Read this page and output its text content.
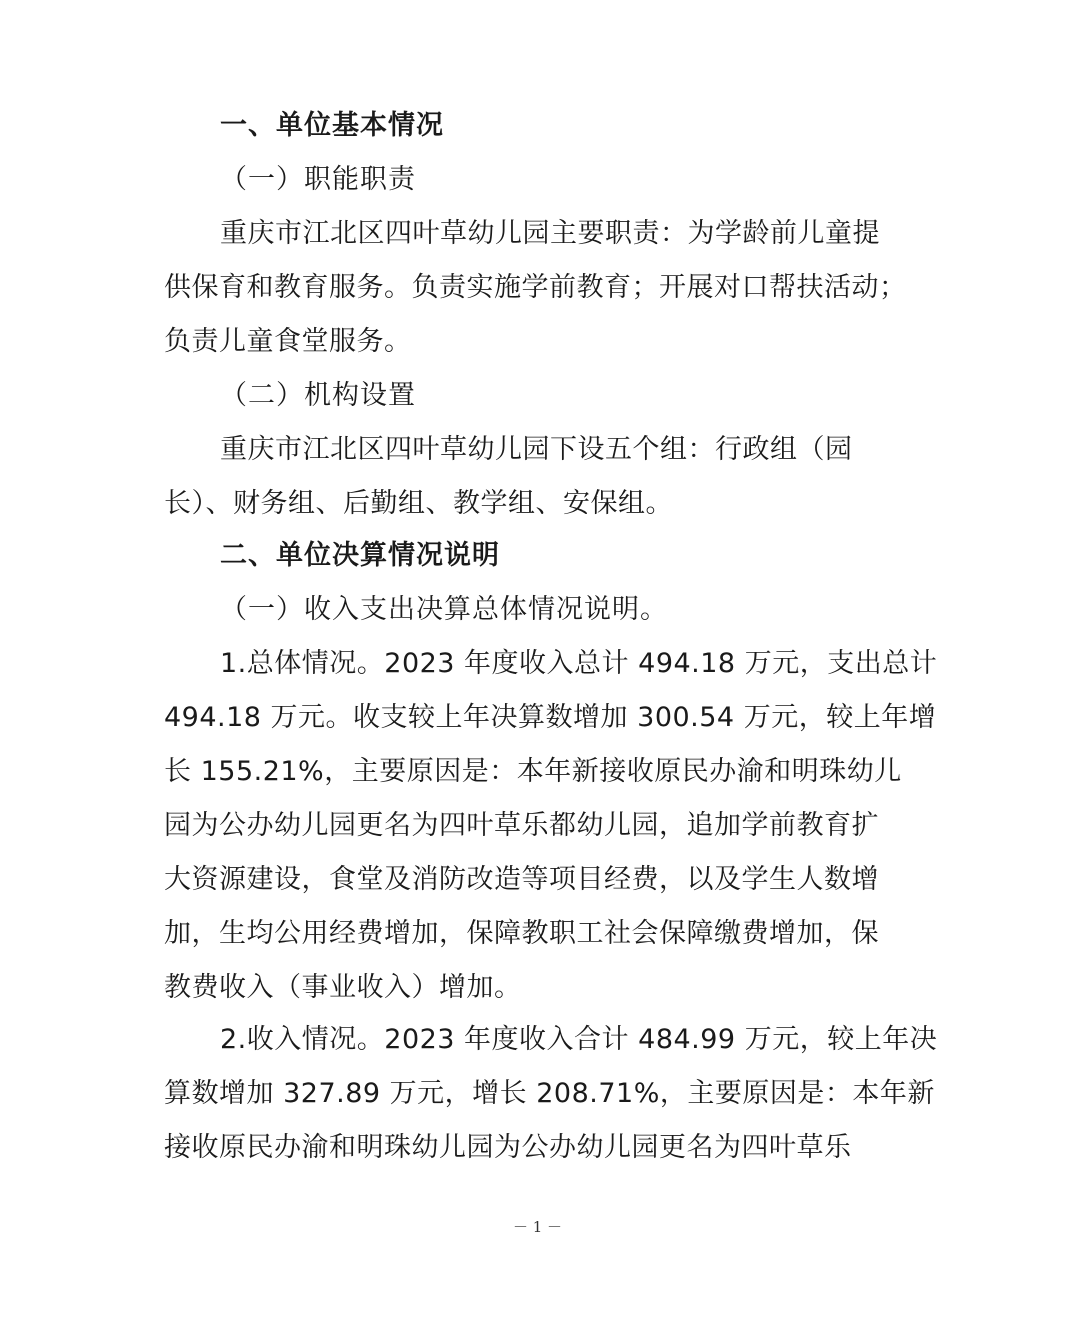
一、单位基本情况
（一）职能职责
重庆市江北区四叶草幼儿园主要职责：为学龄前儿童提
供保育和教育服务。负责实施学前教育；开展对口帮扶活动；
负责儿童食堂服务。
（二）机构设置
重庆市江北区四叶草幼儿园下设五个组：行政组（园
长）、财务组、后勤组、教学组、安保组。
二、单位决算情况说明
（一）收入支出决算总体情况说明。
1.总体情况。2023 年度收入总计 494.18 万元，支出总计
494.18 万元。收支较上年决算数增加 300.54 万元，较上年增
长 155.21%，主要原因是：本年新接收原民办渝和明珠幼儿
园为公办幼儿园更名为四叶草乐都幼儿园，追加学前教育扩
大资源建设，食堂及消防改造等项目经费，以及学生人数增
加，生均公用经费增加，保障教职工社会保障缴费增加，保
教费收入（事业收入）增加。
2.收入情况。2023 年度收入合计 484.99 万元，较上年决
算数增加 327.89 万元，增长 208.71%，主要原因是：本年新
接收原民办渝和明珠幼儿园为公办幼儿园更名为四叶草乐
－ 1 －
